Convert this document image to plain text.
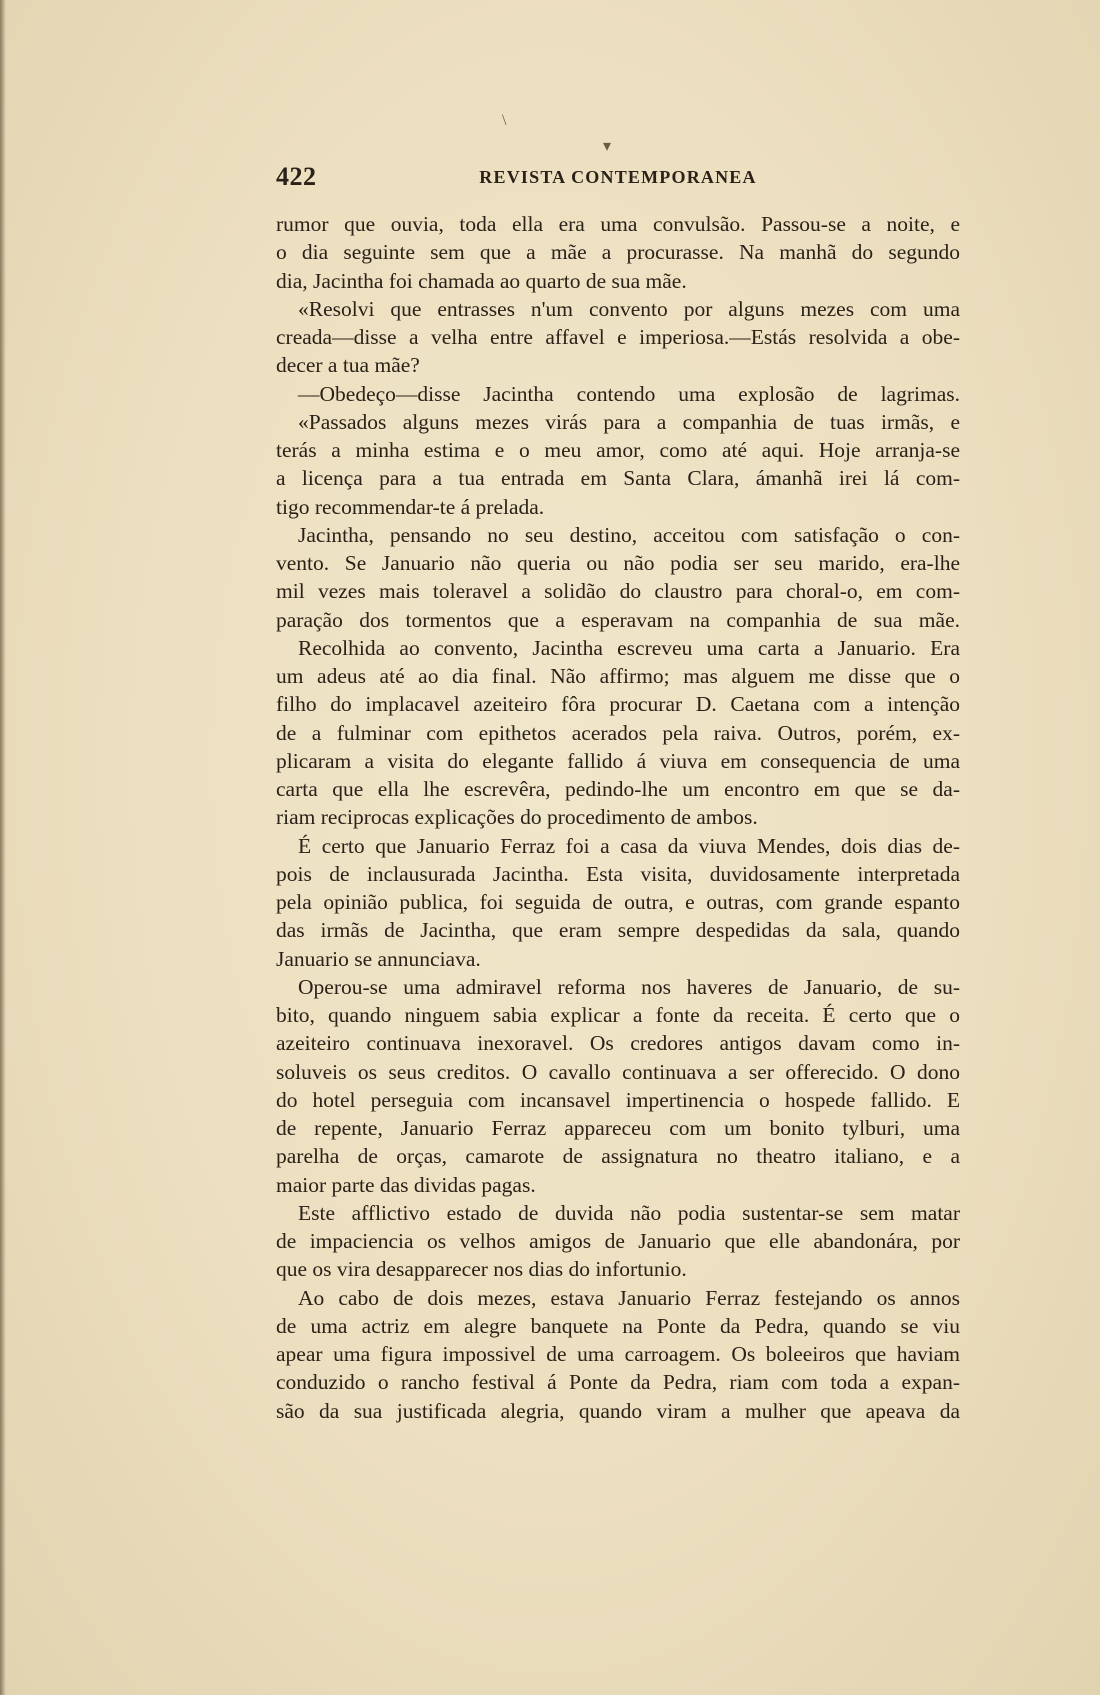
\
▾
422	REVISTA CONTEMPORANEA
rumor que ouvia, toda ella era uma convulsão. Passou-se a noite, e
o dia seguinte sem que a mãe a procurasse. Na manhã do segundo
dia, Jacintha foi chamada ao quarto de sua mãe.
«Resolvi que entrasses n'um convento por alguns mezes com uma
creada—disse a velha entre affavel e imperiosa.—Estás resolvida a obe-
decer a tua mãe?
—Obedeço—disse Jacintha contendo uma explosão de lagrimas.
«Passados alguns mezes virás para a companhia de tuas irmãs, e
terás a minha estima e o meu amor, como até aqui. Hoje arranja-se
a licença para a tua entrada em Santa Clara, ámanhã irei lá com-
tigo recommendar-te á prelada.
Jacintha, pensando no seu destino, acceitou com satisfação o con-
vento. Se Januario não queria ou não podia ser seu marido, era-lhe
mil vezes mais toleravel a solidão do claustro para choral-o, em com-
paração dos tormentos que a esperavam na companhia de sua mãe.
Recolhida ao convento, Jacintha escreveu uma carta a Januario. Era
um adeus até ao dia final. Não affirmo; mas alguem me disse que o
filho do implacavel azeiteiro fôra procurar D. Caetana com a intenção
de a fulminar com epithetos acerados pela raiva. Outros, porém, ex-
plicaram a visita do elegante fallido á viuva em consequencia de uma
carta que ella lhe escrevêra, pedindo-lhe um encontro em que se da-
riam reciprocas explicações do procedimento de ambos.
É certo que Januario Ferraz foi a casa da viuva Mendes, dois dias de-
pois de inclausurada Jacintha. Esta visita, duvidosamente interpretada
pela opinião publica, foi seguida de outra, e outras, com grande espanto
das irmãs de Jacintha, que eram sempre despedidas da sala, quando
Januario se annunciava.
Operou-se uma admiravel reforma nos haveres de Januario, de su-
bito, quando ninguem sabia explicar a fonte da receita. É certo que o
azeiteiro continuava inexoravel. Os credores antigos davam como in-
soluveis os seus creditos. O cavallo continuava a ser offerecido. O dono
do hotel perseguia com incansavel impertinencia o hospede fallido. E
de repente, Januario Ferraz appareceu com um bonito tylburi, uma
parelha de orças, camarote de assignatura no theatro italiano, e a
maior parte das dividas pagas.
Este afflictivo estado de duvida não podia sustentar-se sem matar
de impaciencia os velhos amigos de Januario que elle abandonára, por
que os vira desapparecer nos dias do infortunio.
Ao cabo de dois mezes, estava Januario Ferraz festejando os annos
de uma actriz em alegre banquete na Ponte da Pedra, quando se viu
apear uma figura impossivel de uma carroagem. Os boleeiros que haviam
conduzido o rancho festival á Ponte da Pedra, riam com toda a expan-
são da sua justificada alegria, quando viram a mulher que apeava da
